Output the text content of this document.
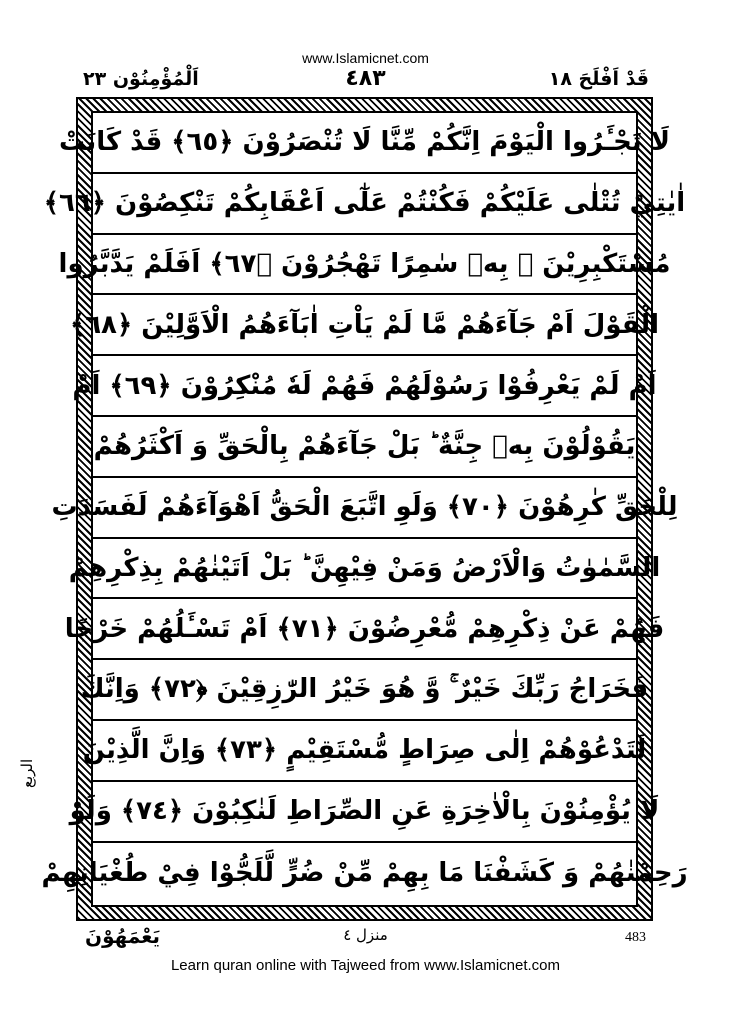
www.Islamicnet.com
اَلْمُؤْمِنُوْن ٢٣	٤٨٣	قَدْ اَفْلَحَ ١٨
لَا تَجْـَٔرُوا الْيَوْمَ اِنَّكُمْ مِّنَّا لَا تُنْصَرُوْنَ ﴿٦٥﴾ قَدْ كَانَتْ
اٰيٰتِيْ تُتْلٰى عَلَيْكُمْ فَكُنْتُمْ عَلٰٓى اَعْقَابِكُمْ تَنْكِصُوْنَ ﴿٦٦﴾
مُسْتَكْبِرِيْنَ ۚ بِهٖ سٰمِرًا تَهْجُرُوْنَ ﴿٦٧﴾ اَفَلَمْ يَدَّبَّرُوا
الْقَوْلَ اَمْ جَآءَهُمْ مَّا لَمْ يَاْتِ اٰبَآءَهُمُ الْاَوَّلِيْنَ ﴿٦٨﴾
اَمْ لَمْ يَعْرِفُوْا رَسُوْلَهُمْ فَهُمْ لَهٗ مُنْكِرُوْنَ ﴿٦٩﴾ اَمْ
يَقُوْلُوْنَ بِهٖ جِنَّةٌ ؕ بَلْ جَآءَهُمْ بِالْحَقِّ وَ اَكْثَرُهُمْ
لِلْحَقِّ كٰرِهُوْنَ ﴿٧٠﴾ وَلَوِ اتَّبَعَ الْحَقُّ اَهْوَآءَهُمْ لَفَسَدَتِ
السَّمٰوٰتُ وَالْاَرْضُ وَمَنْ فِيْهِنَّ ؕ بَلْ اَتَيْنٰهُمْ بِذِكْرِهِمْ
فَهُمْ عَنْ ذِكْرِهِمْ مُّعْرِضُوْنَ ﴿٧١﴾ اَمْ تَسْـَٔلُهُمْ خَرْجًا
فَخَرَاجُ رَبِّكَ خَيْرٌ ۚ وَّ هُوَ خَيْرُ الرّٰزِقِيْنَ ﴿٧٢﴾ وَاِنَّكَ
لَتَدْعُوْهُمْ اِلٰى صِرَاطٍ مُّسْتَقِيْمٍ ﴿٧٣﴾ وَاِنَّ الَّذِيْنَ
لَا يُؤْمِنُوْنَ بِالْاٰخِرَةِ عَنِ الصِّرَاطِ لَنٰكِبُوْنَ ﴿٧٤﴾ وَلَوْ
رَحِمْنٰهُمْ وَ كَشَفْنَا مَا بِهِمْ مِّنْ ضُرٍّ لَّلَجُّوْا فِيْ طُغْيَانِهِمْ
الربع
يَعْمَهُوْنَ	منزل ٤	483
Learn quran online with Tajweed from www.Islamicnet.com
